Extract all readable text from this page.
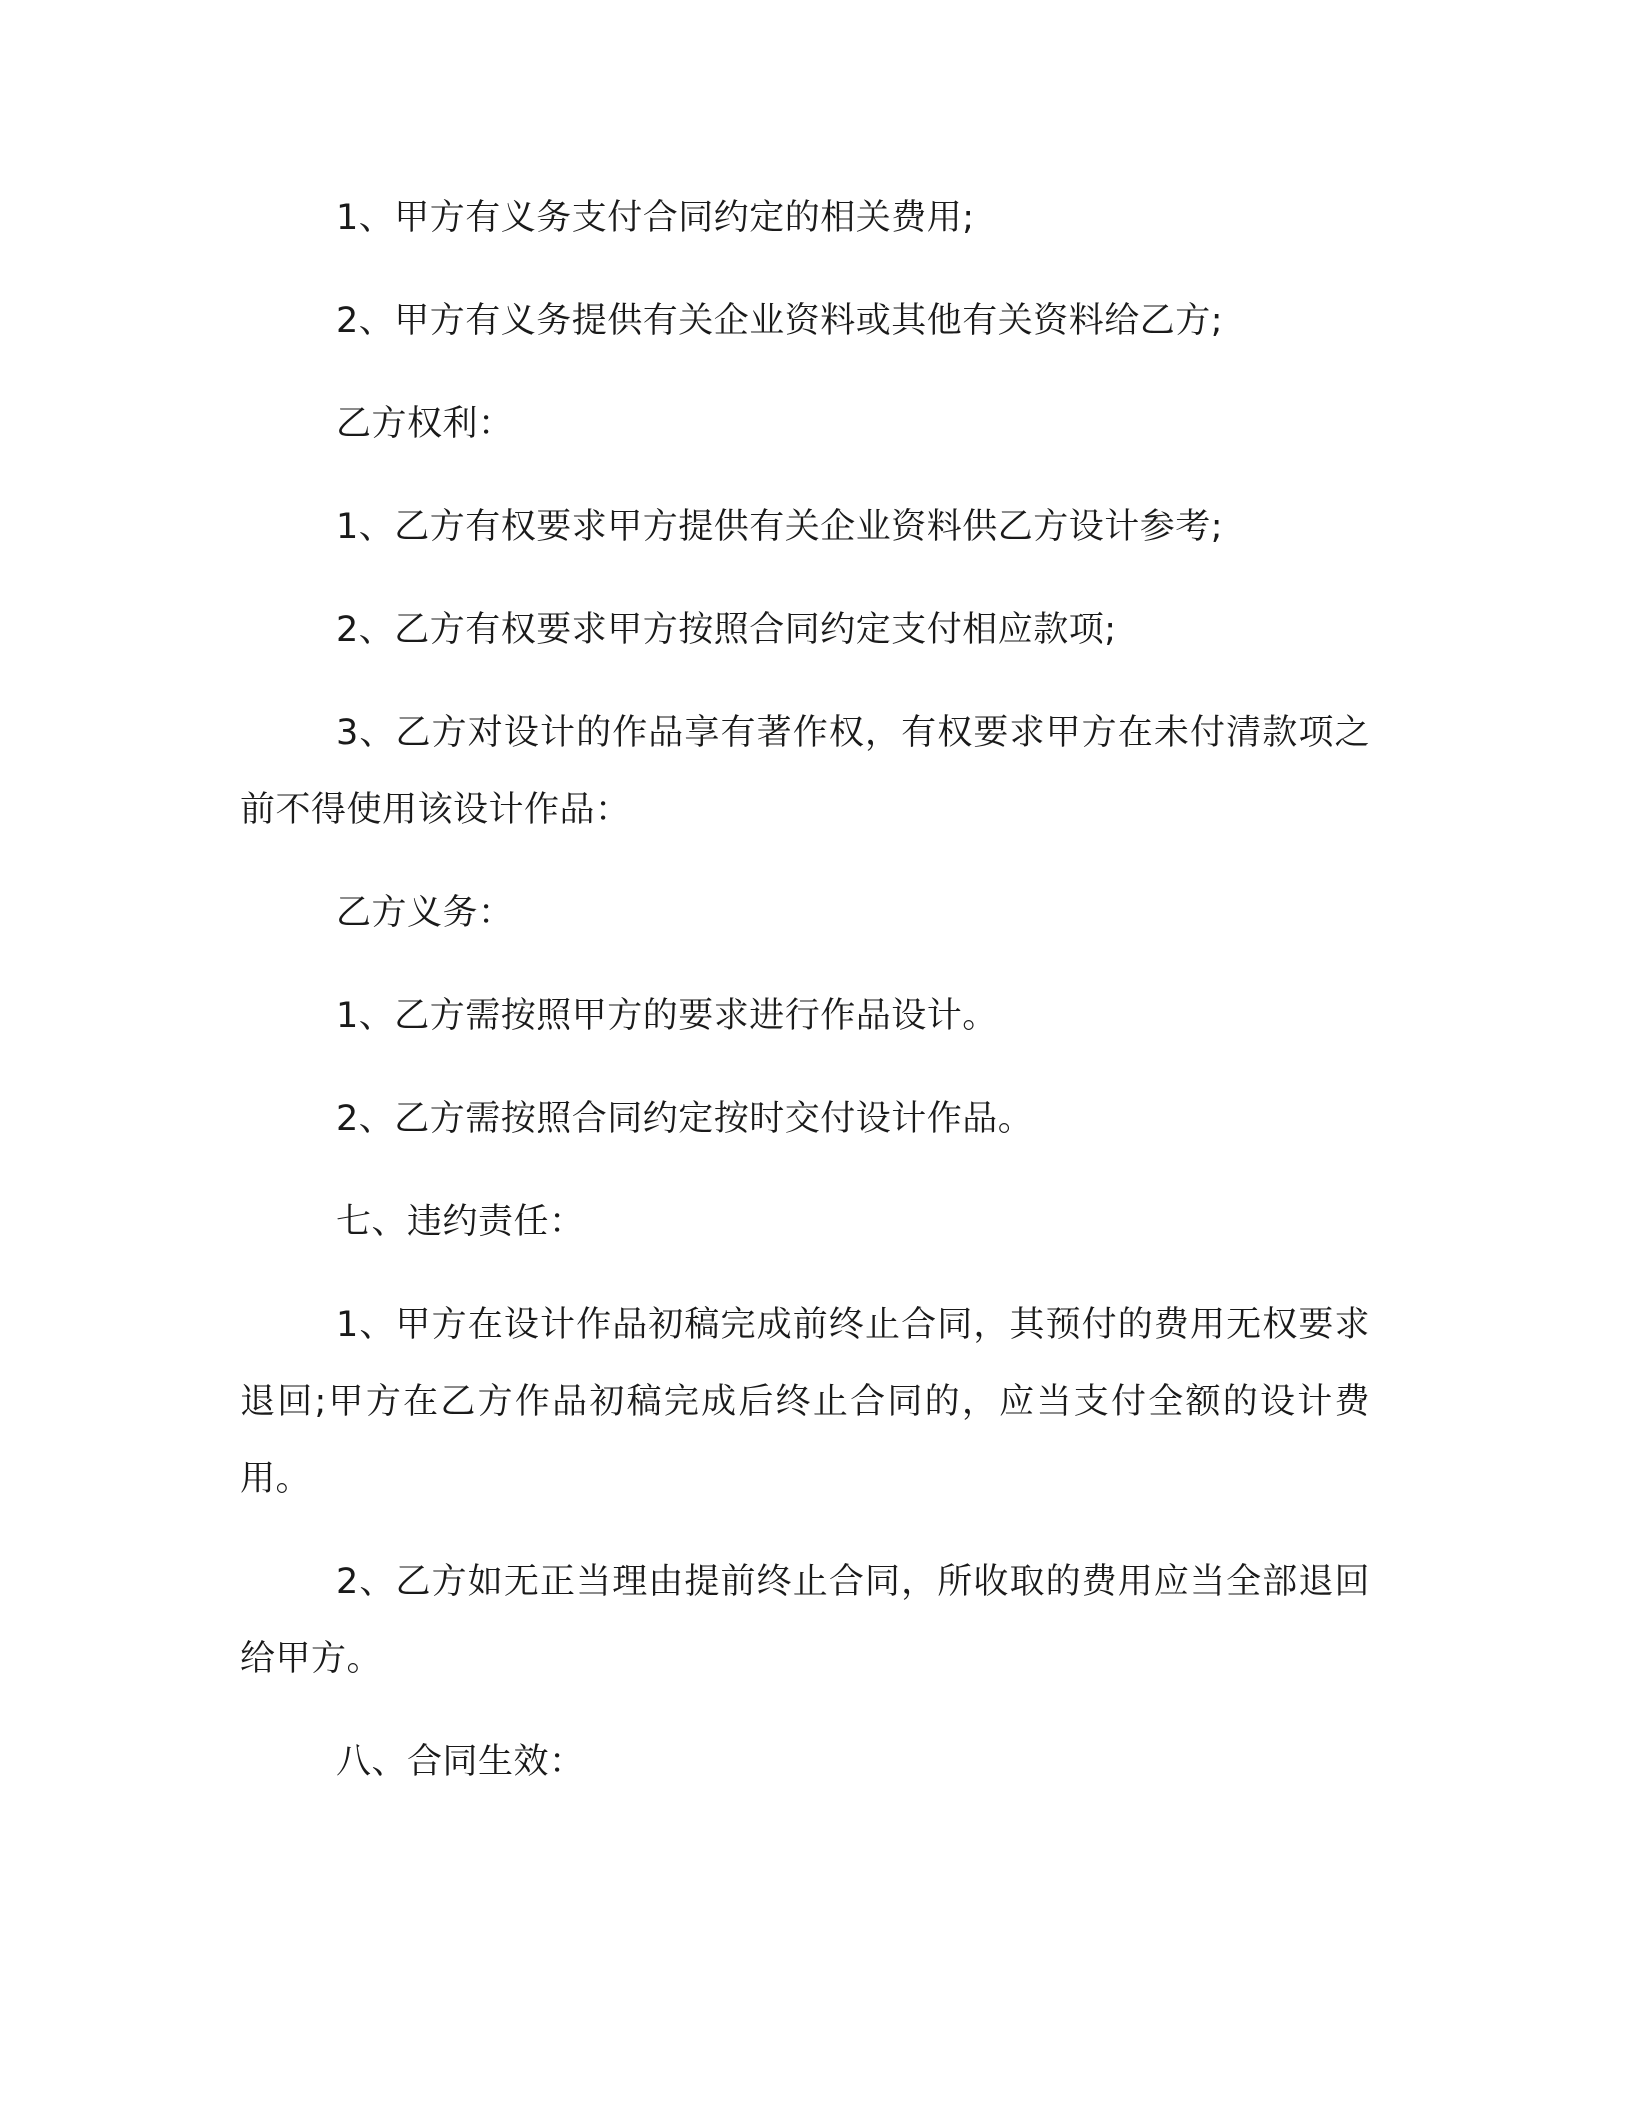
1、甲方有义务支付合同约定的相关费用;

2、甲方有义务提供有关企业资料或其他有关资料给乙方;

乙方权利：

1、乙方有权要求甲方提供有关企业资料供乙方设计参考;

2、乙方有权要求甲方按照合同约定支付相应款项;

3、乙方对设计的作品享有著作权，有权要求甲方在未付清款项之前不得使用该设计作品：

乙方义务：

1、乙方需按照甲方的要求进行作品设计。

2、乙方需按照合同约定按时交付设计作品。

七、违约责任：

1、甲方在设计作品初稿完成前终止合同，其预付的费用无权要求退回;甲方在乙方作品初稿完成后终止合同的，应当支付全额的设计费用。

2、乙方如无正当理由提前终止合同，所收取的费用应当全部退回给甲方。

八、合同生效：
